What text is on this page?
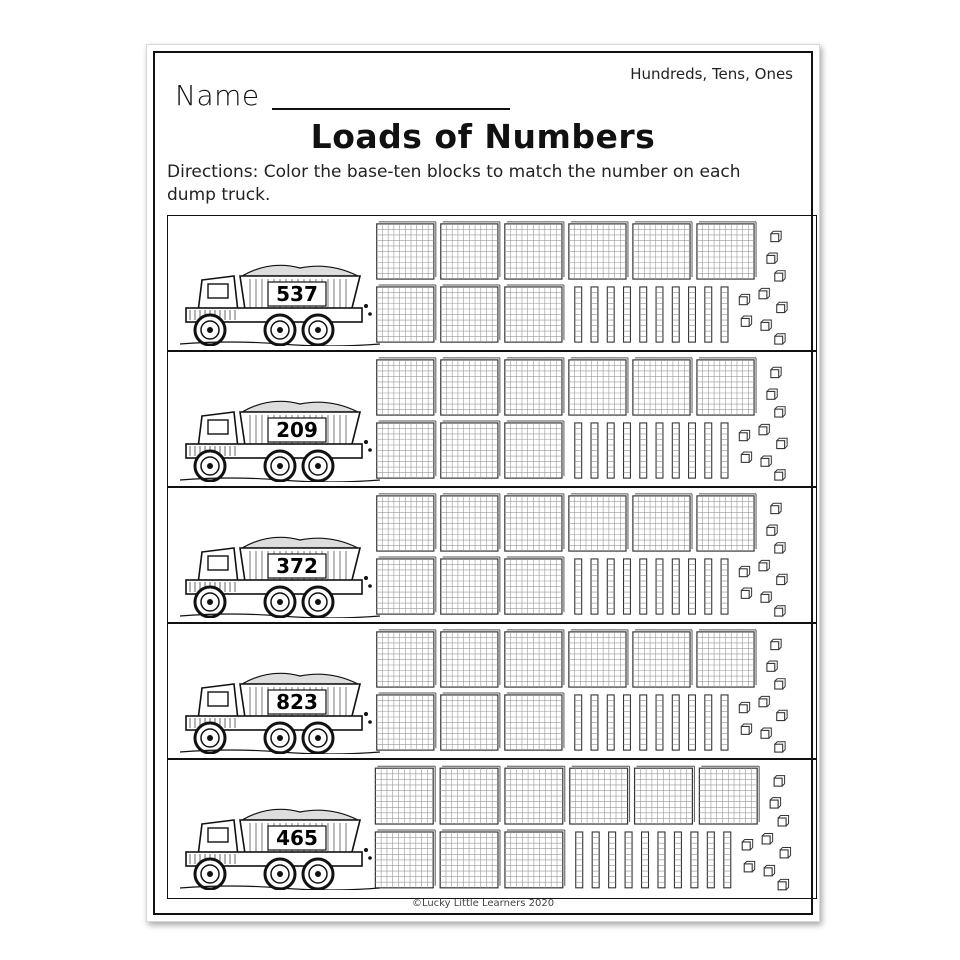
Hundreds, Tens, Ones
Name
Loads of Numbers
Directions: Color the base-ten blocks to match the number on each dump truck.
537
209
372
823
465
©Lucky Little Learners 2020
